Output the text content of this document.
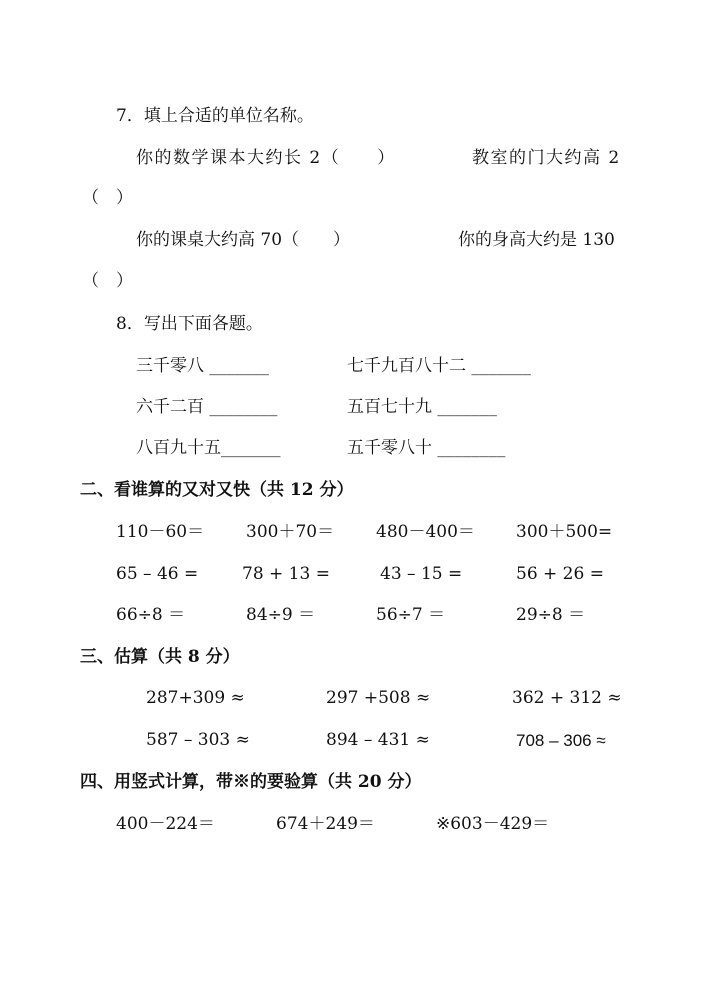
7．填上合适的单位名称。
你的数学课本大约长 2（　　）	教室的门大约高 2
（　）
你的课桌大约高 70（　　）	你的身高大约是 130
（　）
8．写出下面各题。
三千零八 _______	七千九百八十二 _______
六千二百 ________	五百七十九 _______
八百九十五_______	五千零八十 ________
二、看谁算的又对又快（共 12 分）
110－60＝ 300＋70＝ 480－400＝ 300＋500=
65 – 46 =	78 + 13 =	43 – 15 =	56 + 26 =
66÷8 ＝	84÷9 ＝	56÷7 ＝	29÷8 ＝
三、估算（共 8 分）
287+309 ≈	297 +508 ≈	362 + 312 ≈
587 – 303 ≈	894 – 431 ≈	708 – 306 ≈
四、用竖式计算，带※的要验算（共 20 分）
400－224＝	674＋249＝	※603－429＝
